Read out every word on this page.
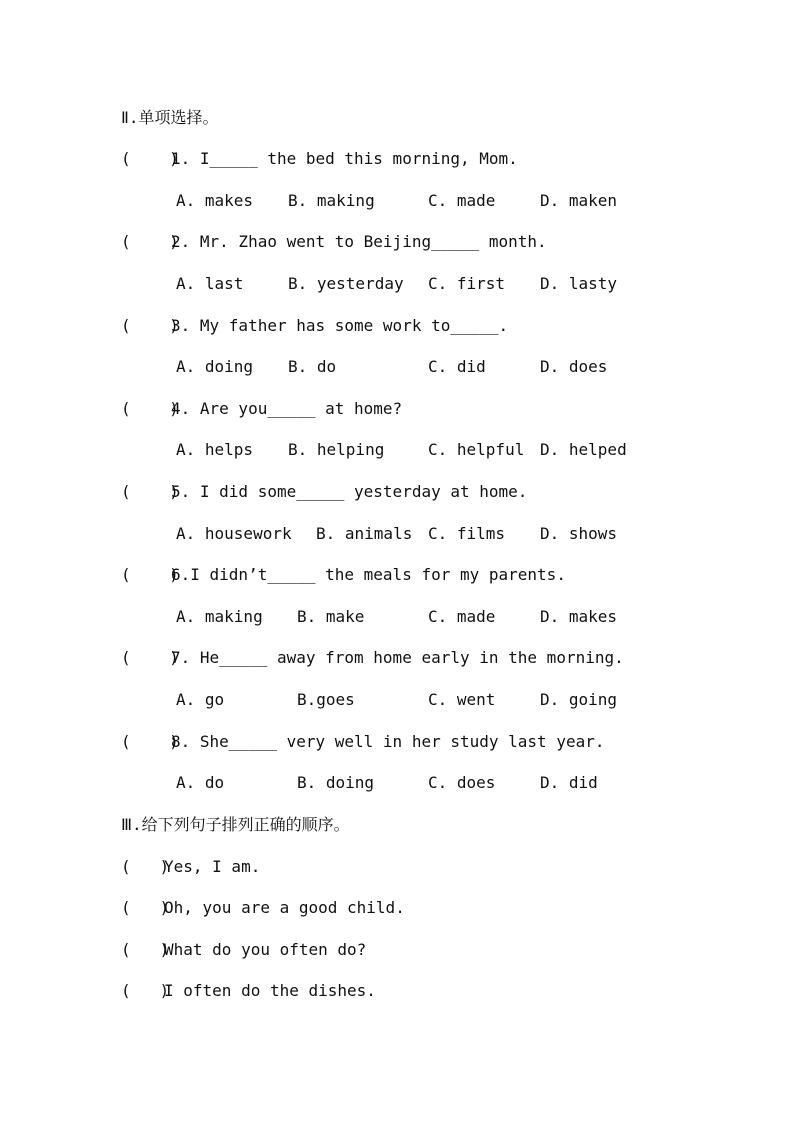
Ⅱ.单项选择。
(    )
1. I_____ the bed this morning, Mom.
A. makes B. making	C. made	D. maken
(    )
2. Mr. Zhao went to Beijing_____ month.
A. last	B. yesterday C. first D. lasty
(    )
3. My father has some work to_____.
A. doing B. do	C. did	D. does
(    )
4. Are you_____ at home?
A. helps B. helping	C. helpful D. helped
(    )
5. I did some_____ yesterday at home.
A. housework B. animals C. films D. shows
(    )
6.I didn’t_____ the meals for my parents.
A. making B. make	C. made	D. makes
(    )
7. He_____ away from home early in the morning.
A. go	B.goes	C. went	D. going
(    )
8. She_____ very well in her study last year.
A. do	B. doing	C. does	D. did
Ⅲ.给下列句子排列正确的顺序。
(   )
Yes, I am.
(   )
Oh, you are a good child.
(   )
What do you often do?
(   )
I often do the dishes.
